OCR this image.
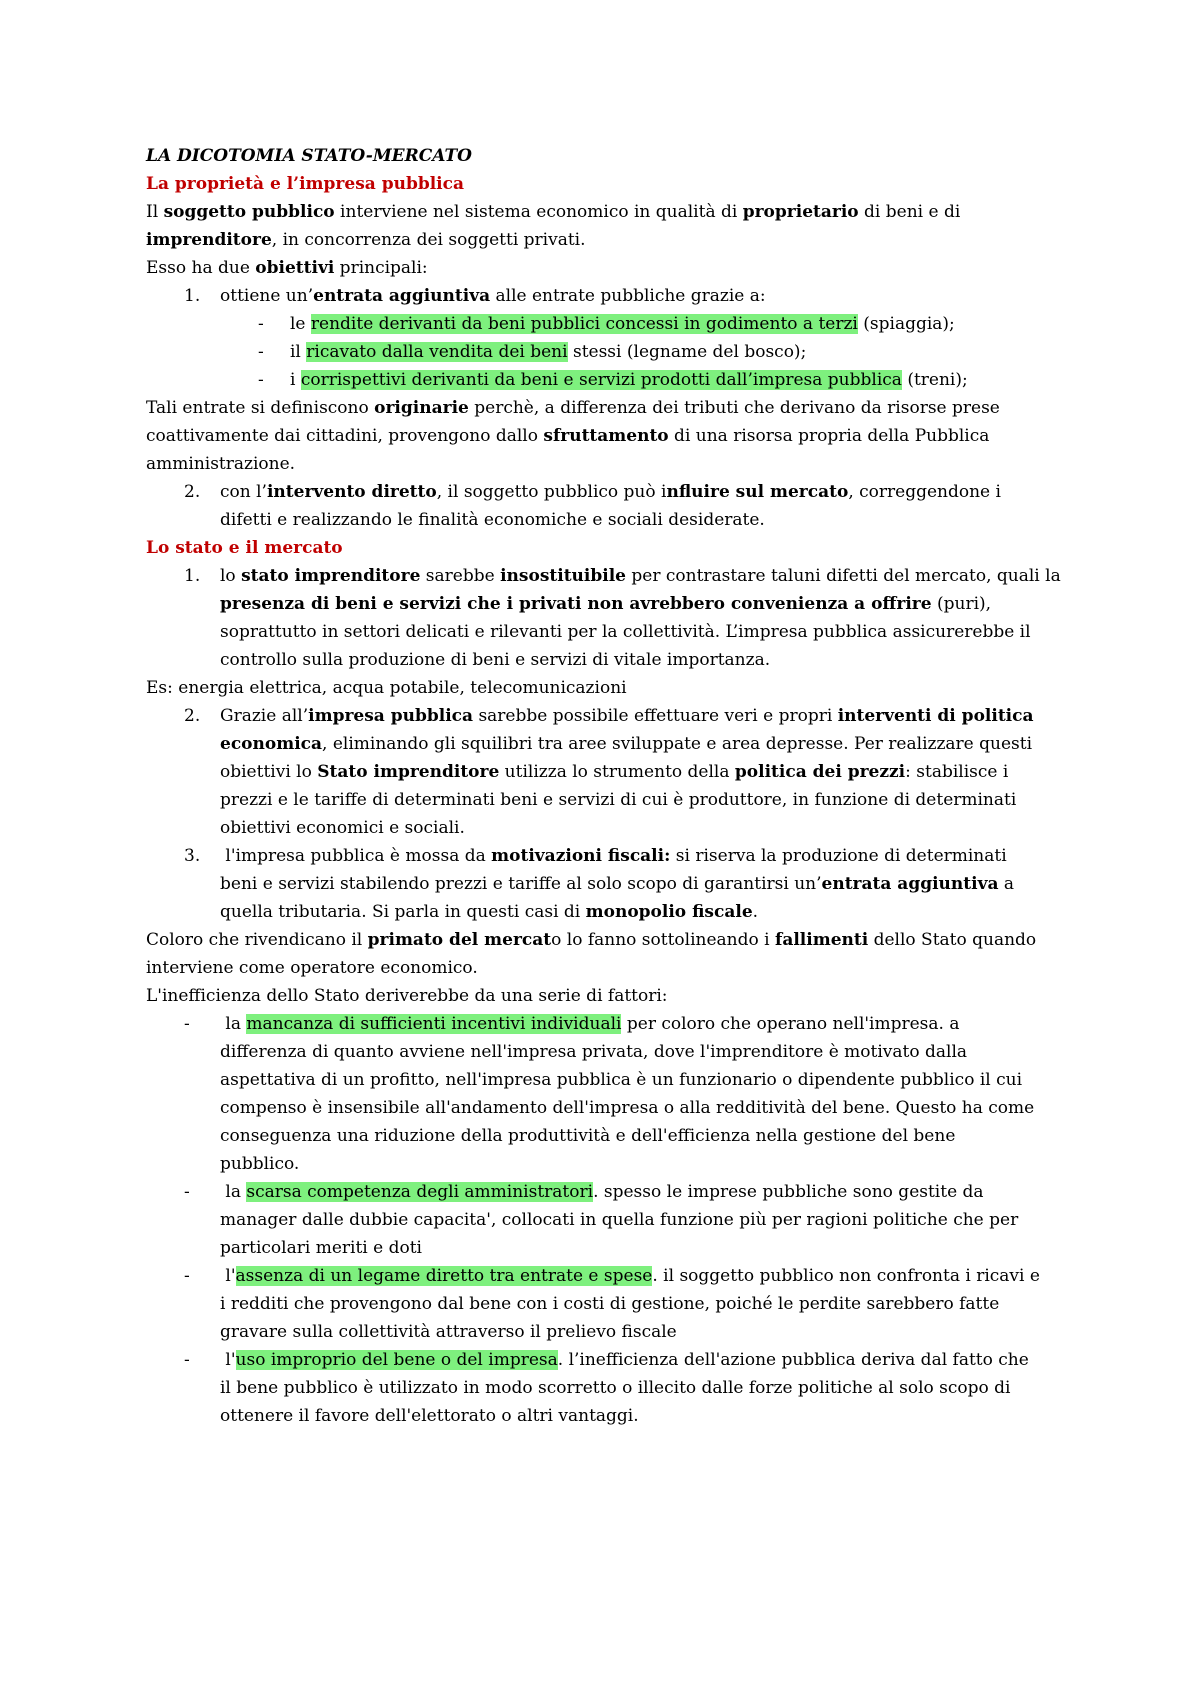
LA DICOTOMIA STATO-MERCATO
La proprietà e l’impresa pubblica
Il soggetto pubblico interviene nel sistema economico in qualità di proprietario di beni e di
imprenditore, in concorrenza dei soggetti privati.
Esso ha due obiettivi principali:
1. ottiene un’entrata aggiuntiva alle entrate pubbliche grazie a:
- le rendite derivanti da beni pubblici concessi in godimento a terzi (spiaggia);
- il ricavato dalla vendita dei beni stessi (legname del bosco);
- i corrispettivi derivanti da beni e servizi prodotti dall’impresa pubblica (treni);
Tali entrate si definiscono originarie perchè, a differenza dei tributi che derivano da risorse prese
coattivamente dai cittadini, provengono dallo sfruttamento di una risorsa propria della Pubblica
amministrazione.
2. con l’intervento diretto, il soggetto pubblico può influire sul mercato, correggendone i
difetti e realizzando le finalità economiche e sociali desiderate.
Lo stato e il mercato
1. lo stato imprenditore sarebbe insostituibile per contrastare taluni difetti del mercato, quali la
presenza di beni e servizi che i privati non avrebbero convenienza a offrire (puri),
soprattutto in settori delicati e rilevanti per la collettività. L’impresa pubblica assicurerebbe il
controllo sulla produzione di beni e servizi di vitale importanza.
Es: energia elettrica, acqua potabile, telecomunicazioni
2. Grazie all’impresa pubblica sarebbe possibile effettuare veri e propri interventi di politica
economica, eliminando gli squilibri tra aree sviluppate e area depresse. Per realizzare questi
obiettivi lo Stato imprenditore utilizza lo strumento della politica dei prezzi: stabilisce i
prezzi e le tariffe di determinati beni e servizi di cui è produttore, in funzione di determinati
obiettivi economici e sociali.
3. l'impresa pubblica è mossa da motivazioni fiscali: si riserva la produzione di determinati
beni e servizi stabilendo prezzi e tariffe al solo scopo di garantirsi un’entrata aggiuntiva a
quella tributaria. Si parla in questi casi di monopolio fiscale.
Coloro che rivendicano il primato del mercato lo fanno sottolineando i fallimenti dello Stato quando
interviene come operatore economico.
L'inefficienza dello Stato deriverebbe da una serie di fattori:
- la mancanza di sufficienti incentivi individuali per coloro che operano nell'impresa. a
differenza di quanto avviene nell'impresa privata, dove l'imprenditore è motivato dalla
aspettativa di un profitto, nell'impresa pubblica è un funzionario o dipendente pubblico il cui
compenso è insensibile all'andamento dell'impresa o alla redditività del bene. Questo ha come
conseguenza una riduzione della produttività e dell'efficienza nella gestione del bene
pubblico.
- la scarsa competenza degli amministratori. spesso le imprese pubbliche sono gestite da
manager dalle dubbie capacita', collocati in quella funzione più per ragioni politiche che per
particolari meriti e doti
- l'assenza di un legame diretto tra entrate e spese. il soggetto pubblico non confronta i ricavi e
i redditi che provengono dal bene con i costi di gestione, poiché le perdite sarebbero fatte
gravare sulla collettività attraverso il prelievo fiscale
- l'uso improprio del bene o del impresa. l’inefficienza dell'azione pubblica deriva dal fatto che
il bene pubblico è utilizzato in modo scorretto o illecito dalle forze politiche al solo scopo di
ottenere il favore dell'elettorato o altri vantaggi.
